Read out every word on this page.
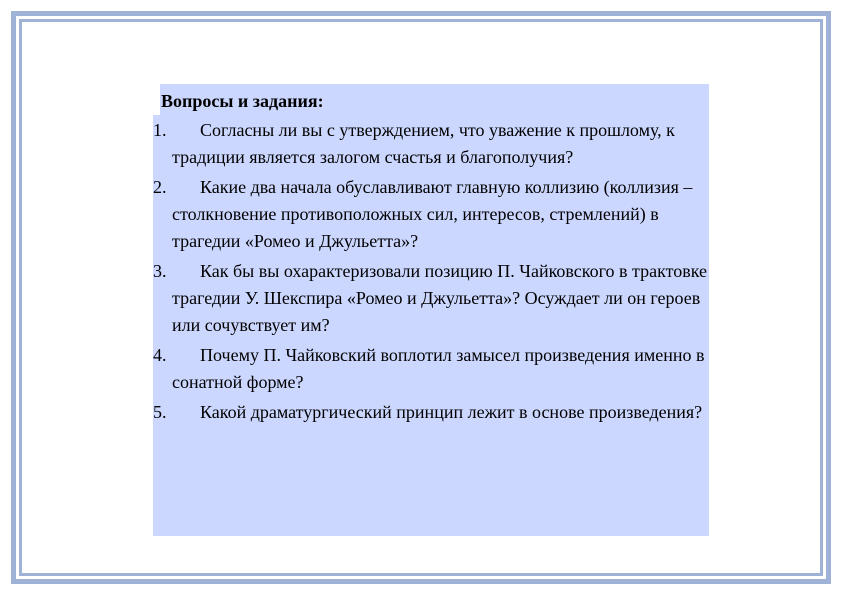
Вопросы и задания:
1.	Согласны ли вы с утверждением, что уважение к прошлому, к традиции является залогом счастья и благополучия?
2.	Какие два начала обуславливают главную коллизию (коллизия – столкновение противоположных сил, интересов, стремлений) в трагедии «Ромео и Джульетта»?
3.	Как бы вы охарактеризовали позицию П. Чайковского в трактовке трагедии У. Шекспира «Ромео и Джульетта»? Осуждает ли он героев или сочувствует им?
4.	Почему П. Чайковский воплотил замысел произведения именно в сонатной форме?
5.	Какой драматургический принцип лежит в основе произведения?
